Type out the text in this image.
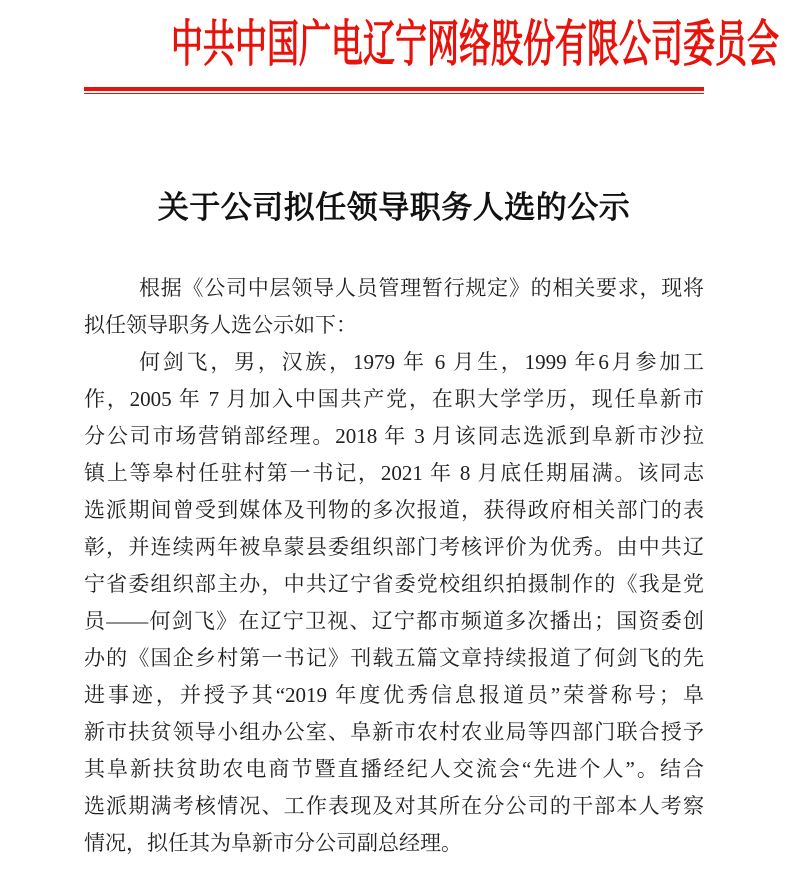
中共中国广电辽宁网络股份有限公司委员会
关于公司拟任领导职务人选的公示
根据《公司中层领导人员管理暂行规定》的相关要求，现将
拟任领导职务人选公示如下：
何剑飞，男，汉族，1979 年 6 月生，1999 年6月参加工
作，2005 年 7 月加入中国共产党，在职大学学历，现任阜新市
分公司市场营销部经理。2018 年 3 月该同志选派到阜新市沙拉
镇上等皋村任驻村第一书记，2021 年 8 月底任期届满。该同志
选派期间曾受到媒体及刊物的多次报道，获得政府相关部门的表
彰，并连续两年被阜蒙县委组织部门考核评价为优秀。由中共辽
宁省委组织部主办，中共辽宁省委党校组织拍摄制作的《我是党
员——何剑飞》在辽宁卫视、辽宁都市频道多次播出；国资委创
办的《国企乡村第一书记》刊载五篇文章持续报道了何剑飞的先
进事迹，并授予其“2019 年度优秀信息报道员”荣誉称号；阜
新市扶贫领导小组办公室、阜新市农村农业局等四部门联合授予
其阜新扶贫助农电商节暨直播经纪人交流会“先进个人”。结合
选派期满考核情况、工作表现及对其所在分公司的干部本人考察
情况，拟任其为阜新市分公司副总经理。
